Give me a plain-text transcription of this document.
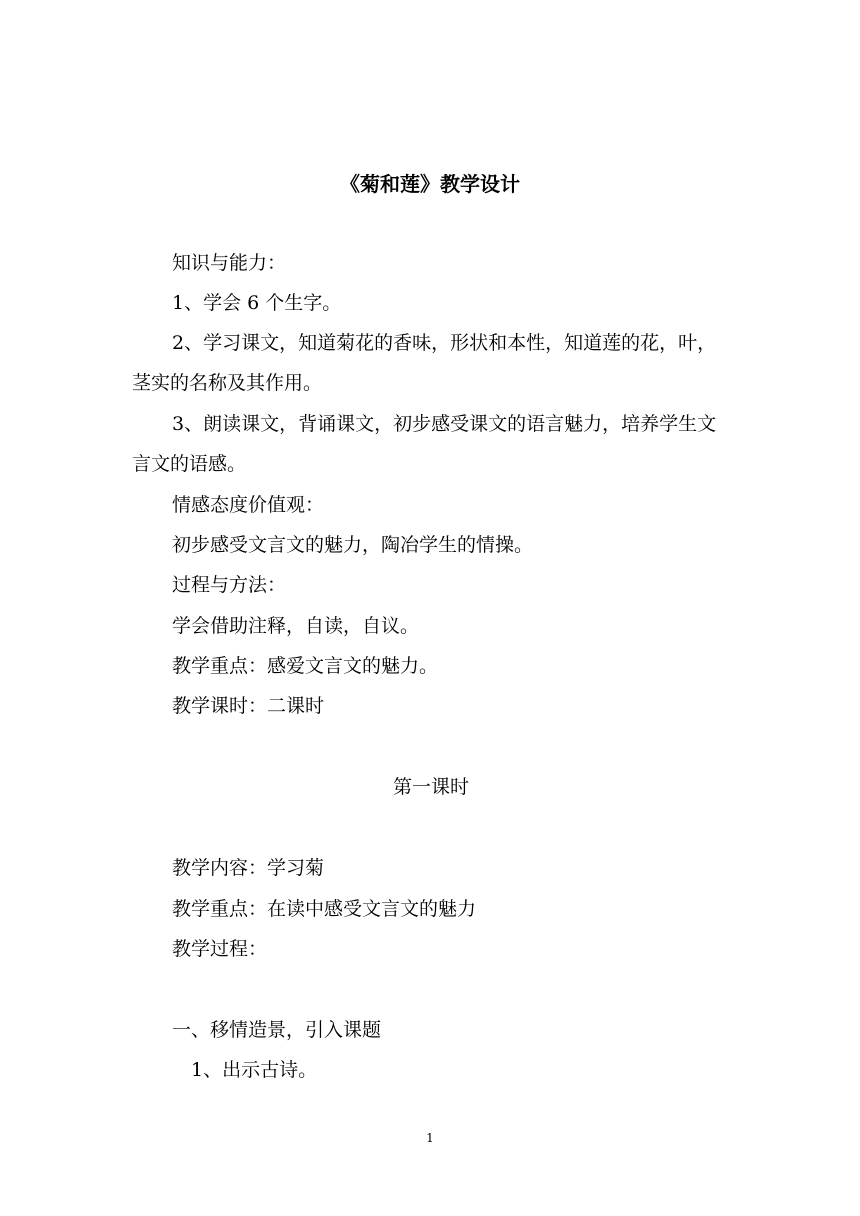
《菊和莲》教学设计
知识与能力：
1、学会 6 个生字。
2、学习课文，知道菊花的香味，形状和本性，知道莲的花，叶，茎实的名称及其作用。
3、朗读课文，背诵课文，初步感受课文的语言魅力，培养学生文言文的语感。
情感态度价值观：
初步感受文言文的魅力，陶冶学生的情操。
过程与方法：
学会借助注释，自读，自议。
教学重点：感爱文言文的魅力。
教学课时：二课时
第一课时
教学内容：学习菊
教学重点：在读中感受文言文的魅力
教学过程：
一、移情造景，引入课题
1、出示古诗。
1
